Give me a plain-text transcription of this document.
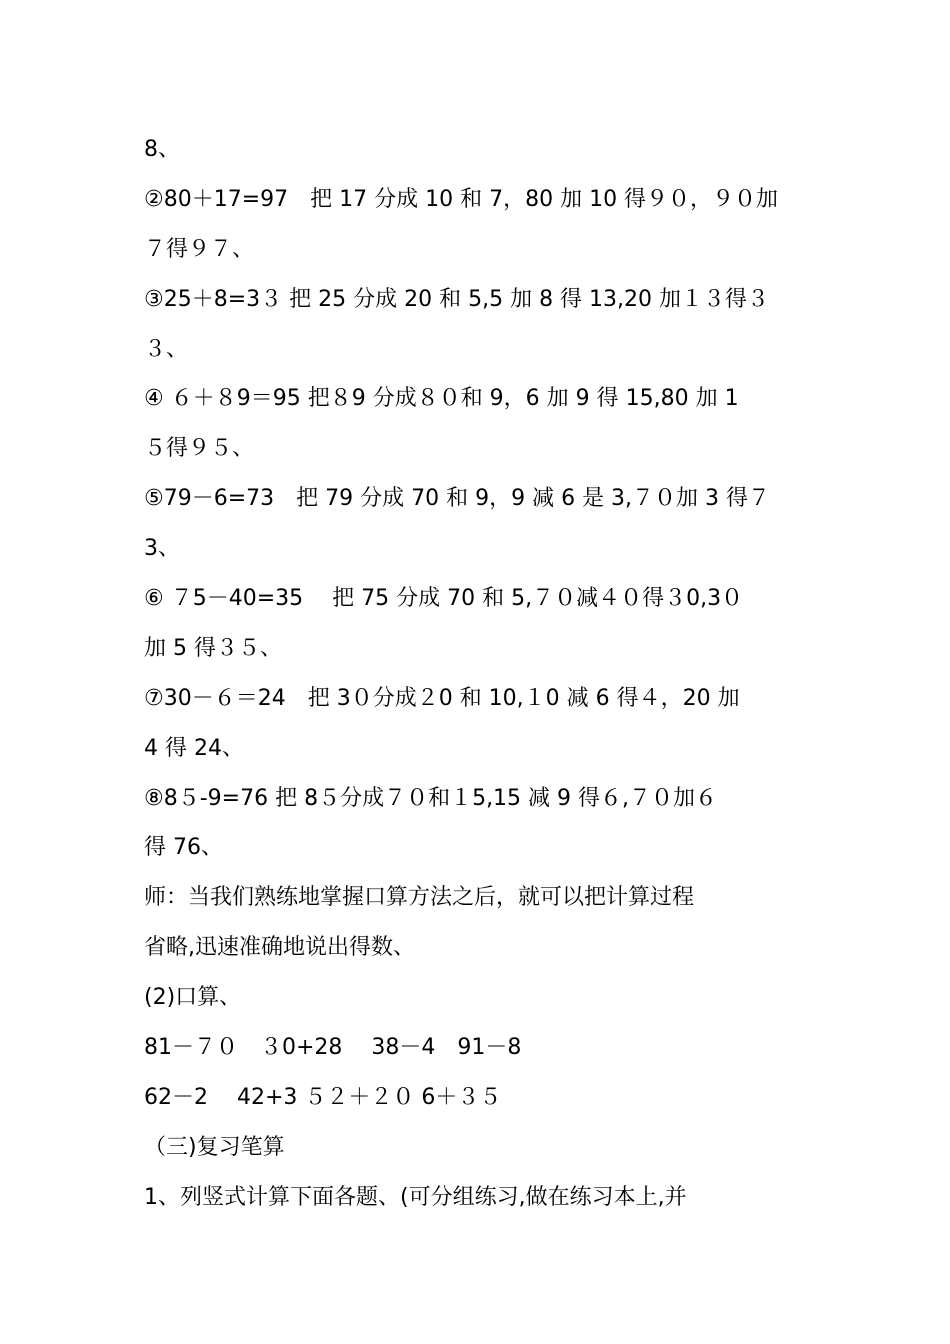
8、
②80＋17=97　把 17 分成 10 和 7，80 加 10 得９０，９０加
７得９７、
③25＋8=3３ 把 25 分成 20 和 5,5 加 8 得 13,20 加１３得３
３、
④ ６＋８9＝95 把８9 分成８０和 9，6 加 9 得 15,80 加 1
５得９５、
⑤79－6=73　把 79 分成 70 和 9，9 减 6 是 3,７０加 3 得７
3、
⑥ ７5－40=35　 把 75 分成 70 和 5,７０减４０得３0,3０
加 5 得３５、
⑦30－６＝24　把 3０分成２0 和 10,１0 减 6 得４，20 加
4 得 24、
⑧8５-9=76 把 8５分成７０和１5,15 减 9 得６,７０加６
得 76、
师：当我们熟练地掌握口算方法之后，就可以把计算过程
省略,迅速准确地说出得数、
(2)口算、
81－７０　３0+28　 38－4　91－8
62－2　 42+3 ５２＋２０ 6＋３５
（三)复习笔算
1、列竖式计算下面各题、(可分组练习,做在练习本上,并
